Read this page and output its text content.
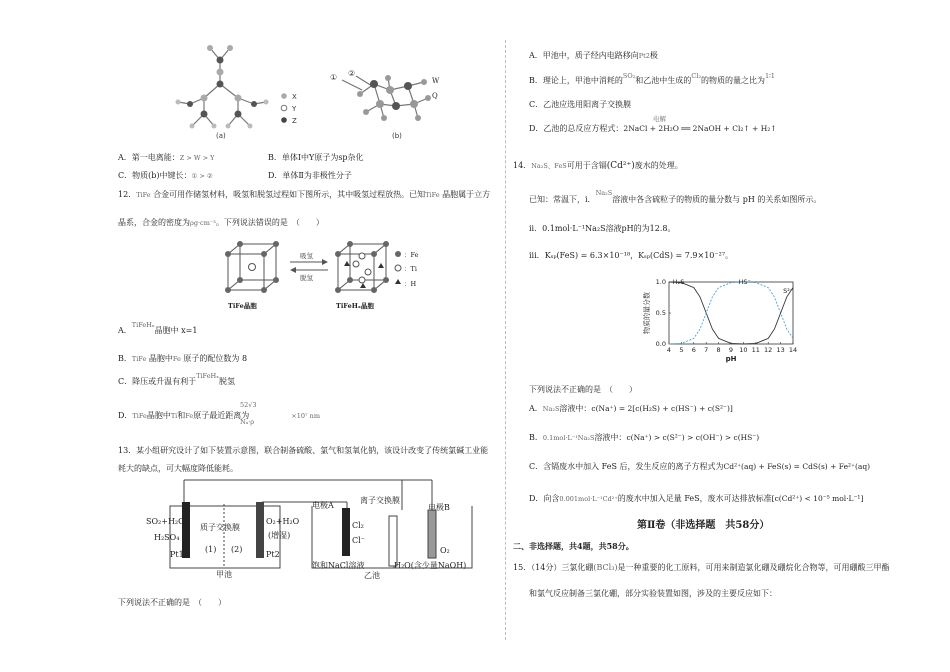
X
Y
Z
① ②
(a)	(b)
W
Q
A．第一电离能：Z > W > Y	B．单体Ⅰ中Y原子为sp杂化
C．物质(b)中键长：① > ②	D．单体Ⅱ为非极性分子
12．TiFe 合金可用作储氢材料，吸氢和脱氢过程如下图所示，其中吸氢过程放热。已知TiFe 晶胞属于立方
晶系，合金的密度为ρg·cm⁻³。下列说法错误的是　（　　）
吸氢
脱氢
：Fe
：Ti
：H
TiFe晶胞	TiFeHₓ晶胞
A．$^{TiFeH_x}$晶胞中 x=1
B．TiFe 晶胞中Fe 原子的配位数为 8
C．降压或升温有利于$^{TiFeH_x}$脱氢
52√3
D．TiFe晶胞中Ti和Fe原子最近距离为	×10⁷ nm
Nₐ·ρ
13．某小组研究设计了如下装置示意图，联合制备硫酸、氯气和氢氧化钠，该设计改变了传统氯碱工业能
耗大的缺点，可大幅度降低能耗。
SO₂+H₂O
H₂SO₄
Pt1
质子交换膜
(1) (2)
O₂+H₂O
(增湿)
Pt2
甲池
电极A
Cl₂
Cl⁻
离子交换膜
电极B
O₂
饱和NaCl溶液
乙池
H₂O(含少量NaOH)
下列说法不正确的是　（　　）
A．甲池中，质子经内电路移向Pt2极
B．理论上，甲池中消耗的$^{SO_2}$和乙池中生成的$^{Cl_2}$的物质的量之比为$^{1∶1}$
C．乙池应选用阳离子交换膜
电解
D．乙池的总反应方程式：2NaCl + 2H₂O ══ 2NaOH + Cl₂↑ + H₂↑
14．Na₂S、FeS可用于含镉(Cd²⁺)废水的处理。
已知：常温下，i．$^{Na_2S}$溶液中各含硫粒子的物质的量分数与 pH 的关系如图所示。
ii．0.1mol·L⁻¹Na₂S溶液pH的为12.8。
iii．Kₛₚ(FeS) = 6.3×10⁻¹⁸，Kₛₚ(CdS) = 7.9×10⁻²⁷。
4 5 6 7 8 9 10 11 12 13 14
0.0
0.5
1.0
pH
物质的量分数
H₂S	HS⁻
S²⁻
下列说法不正确的是　（　　）
A．Na₂S溶液中：c(Na⁺) = 2[c(H₂S) + c(HS⁻) + c(S²⁻)]
B．0.1mol·L⁻¹Na₂S溶液中：c(Na⁺) > c(S²⁻) > c(OH⁻) > c(HS⁻)
C．含镉废水中加入 FeS 后，发生反应的离子方程式为Cd²⁺(aq) + FeS(s) = CdS(s) + Fe²⁺(aq)
D．向含0.001mol·L⁻¹Cd²⁺的废水中加入足量 FeS，废水可达排放标准[c(Cd²⁺) < 10⁻⁵ mol·L⁻¹]
第Ⅱ卷（非选择题　共58分）
二、非选择题，共4题，共58分。
15．（14分）三氯化硼(BCl₃)是一种重要的化工原料，可用来制造氯化硼及硼烷化合物等，可用硼酸三甲酯
和氯气反应制备三氯化硼，部分实验装置如图，涉及的主要反应如下：
